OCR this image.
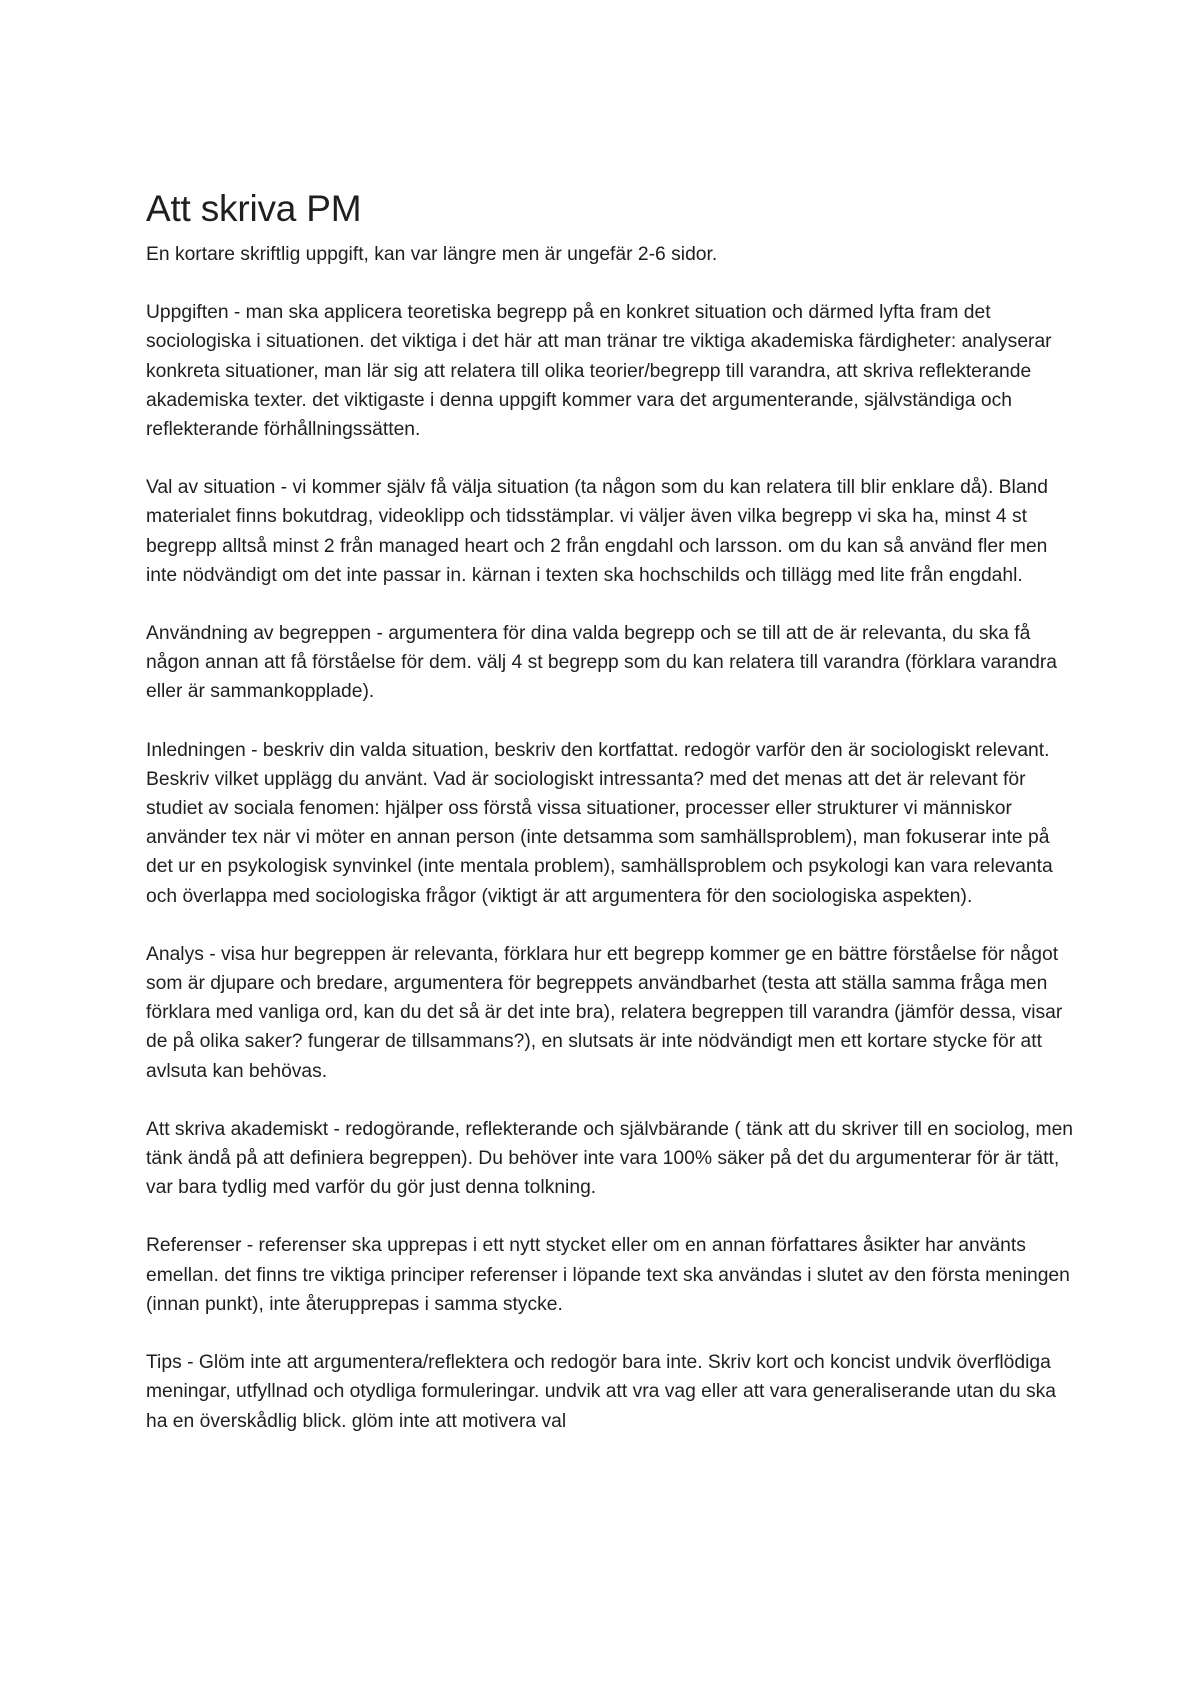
Att skriva PM

En kortare skriftlig uppgift, kan var längre men är ungefär 2-6 sidor.

Uppgiften - man ska applicera teoretiska begrepp på en konkret situation och därmed lyfta fram det sociologiska i situationen. det viktiga i det här att man tränar tre viktiga akademiska färdigheter: analyserar konkreta situationer, man lär sig att relatera till olika teorier/begrepp till varandra, att skriva reflekterande akademiska texter. det viktigaste i denna uppgift kommer vara det argumenterande, självständiga och reflekterande förhållningssätten.

Val av situation - vi kommer själv få välja situation (ta någon som du kan relatera till blir enklare då). Bland materialet finns bokutdrag, videoklipp och tidsstämplar. vi väljer även vilka begrepp vi ska ha, minst 4 st begrepp alltså minst 2 från managed heart och 2 från engdahl och larsson. om du kan så använd fler men inte nödvändigt om det inte passar in. kärnan i texten ska hochschilds och tillägg med lite från engdahl.

Användning av begreppen - argumentera för dina valda begrepp och se till att de är relevanta, du ska få någon annan att få förståelse för dem. välj 4 st begrepp som du kan relatera till varandra (förklara varandra eller är sammankopplade).

Inledningen - beskriv din valda situation, beskriv den kortfattat. redogör varför den är sociologiskt relevant. Beskriv vilket upplägg du använt. Vad är sociologiskt intressanta? med det menas att det är relevant för studiet av sociala fenomen: hjälper oss förstå vissa situationer, processer eller strukturer vi människor använder tex när vi möter en annan person (inte detsamma som samhällsproblem), man fokuserar inte på det ur en psykologisk synvinkel (inte mentala problem), samhällsproblem och psykologi kan vara relevanta och överlappa med sociologiska frågor (viktigt är att argumentera för den sociologiska aspekten).

Analys - visa hur begreppen är relevanta, förklara hur ett begrepp kommer ge en bättre förståelse för något som är djupare och bredare, argumentera för begreppets användbarhet (testa att ställa samma fråga men förklara med vanliga ord, kan du det så är det inte bra), relatera begreppen till varandra (jämför dessa, visar de på olika saker? fungerar de tillsammans?), en slutsats är inte nödvändigt men ett kortare stycke för att avlsuta kan behövas.

Att skriva akademiskt - redogörande, reflekterande och självbärande ( tänk att du skriver till en sociolog, men tänk ändå på att definiera begreppen). Du behöver inte vara 100% säker på det du argumenterar för är tätt, var bara tydlig med varför du gör just denna tolkning.

Referenser - referenser ska upprepas i ett nytt stycket eller om en annan författares åsikter har använts emellan. det finns tre viktiga principer referenser i löpande text ska användas i slutet av den första meningen (innan punkt), inte återupprepas i samma stycke.

Tips - Glöm inte att argumentera/reflektera och redogör bara inte. Skriv kort och koncist undvik överflödiga meningar, utfyllnad och otydliga formuleringar. undvik att vra vag eller att vara generaliserande utan du ska ha en överskådlig blick. glöm inte att motivera val
